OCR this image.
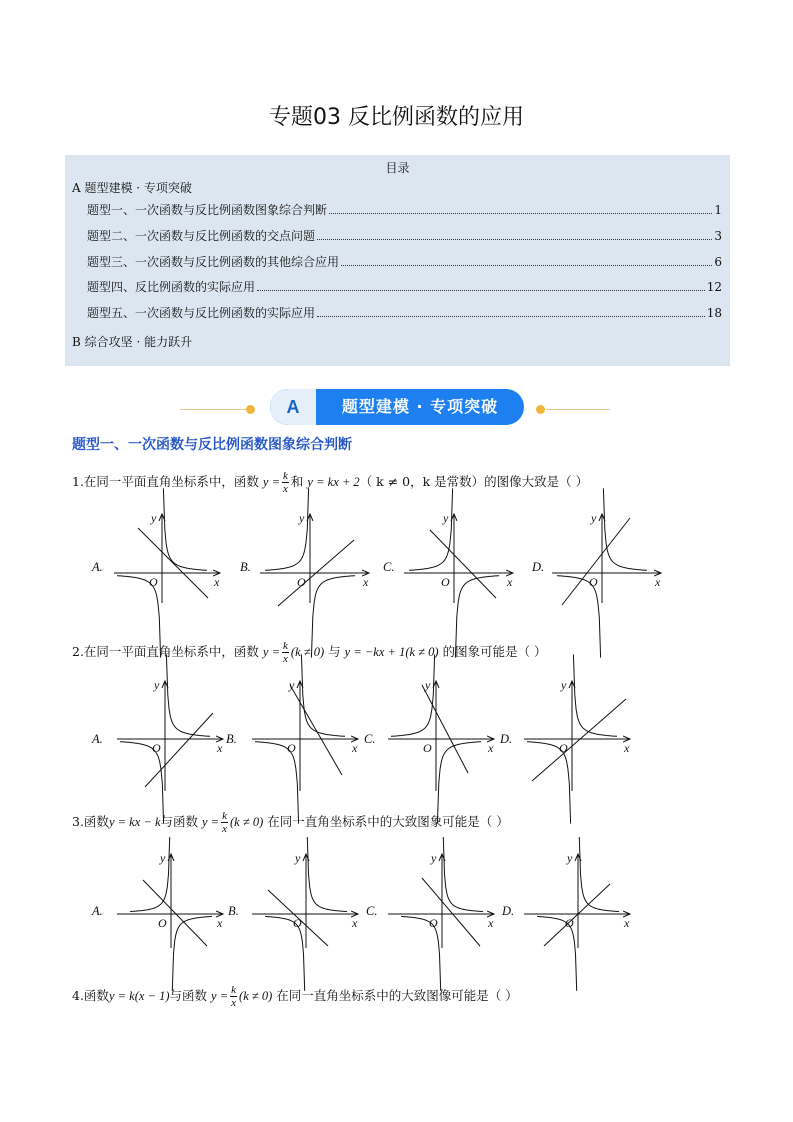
专题03 反比例函数的应用
目录
A 题型建模 · 专项突破
题型一、一次函数与反比例函数图象综合判断	1
题型二、一次函数与反比例函数的交点问题	3
题型三、一次函数与反比例函数的其他综合应用	6
题型四、反比例函数的实际应用	12
题型五、一次函数与反比例函数的实际应用	18
B 综合攻坚 · 能力跃升
A	题型建模 · 专项突破
题型一、一次函数与反比例函数图象综合判断
1.在同一平面直角坐标系中，函数 $y = \frac{k}{x}$ 和 y = kx + 2（ k ≠ 0，k 是常数）的图像大致是（ ）
2.在同一平面直角坐标系中，函数 $y = \frac{k}{x} (k \ne 0)$ 与 y = −kx + 1(k ≠ 0) 的图象可能是（ ）
3.函数y = kx − k与函数 $y = \frac{k}{x} (k \ne 0)$ 在同一直角坐标系中的大致图象可能是（ ）
4.函数y = k(x − 1)与函数 $y = \frac{k}{x} (k \ne 0)$ 在同一直角坐标系中的大致图像可能是（ ）
A.	B.	C.	D.
A.	B.	C.	D.
A.	B.	C.	D.
x
y
O	x
y
O	x
y
O	x
y
O
x
y
O	x
y
O	x
y
O	x
y
O
x
y
O	x
y
O	x
y
O	x
y
O
